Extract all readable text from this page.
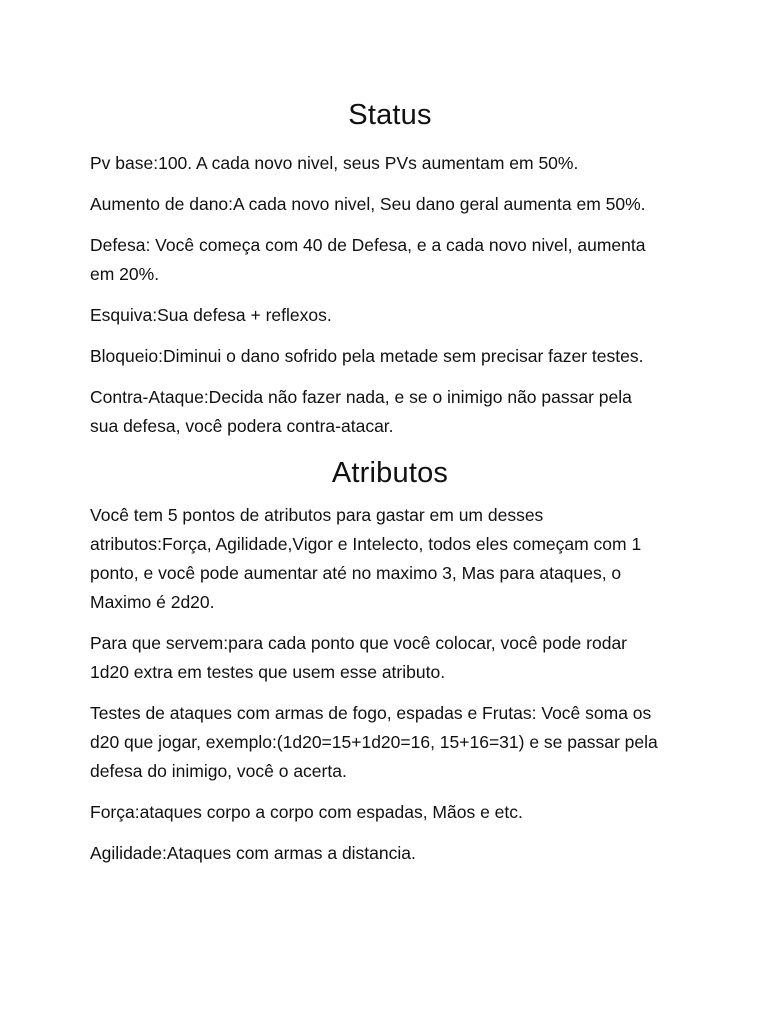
Status

Pv base:100. A cada novo nivel, seus PVs aumentam em 50%.

Aumento de dano:A cada novo nivel, Seu dano geral aumenta em 50%.

Defesa: Você começa com 40 de Defesa, e a cada novo nivel, aumenta
em 20%.

Esquiva:Sua defesa + reflexos.

Bloqueio:Diminui o dano sofrido pela metade sem precisar fazer testes.

Contra-Ataque:Decida não fazer nada, e se o inimigo não passar pela
sua defesa, você podera contra-atacar.

Atributos

Você tem 5 pontos de atributos para gastar em um desses
atributos:Força, Agilidade,Vigor e Intelecto, todos eles começam com 1
ponto, e você pode aumentar até no maximo 3, Mas para ataques, o
Maximo é 2d20.

Para que servem:para cada ponto que você colocar, você pode rodar
1d20 extra em testes que usem esse atributo.

Testes de ataques com armas de fogo, espadas e Frutas: Você soma os
d20 que jogar, exemplo:(1d20=15+1d20=16, 15+16=31) e se passar pela
defesa do inimigo, você o acerta.

Força:ataques corpo a corpo com espadas, Mãos e etc.

Agilidade:Ataques com armas a distancia.
